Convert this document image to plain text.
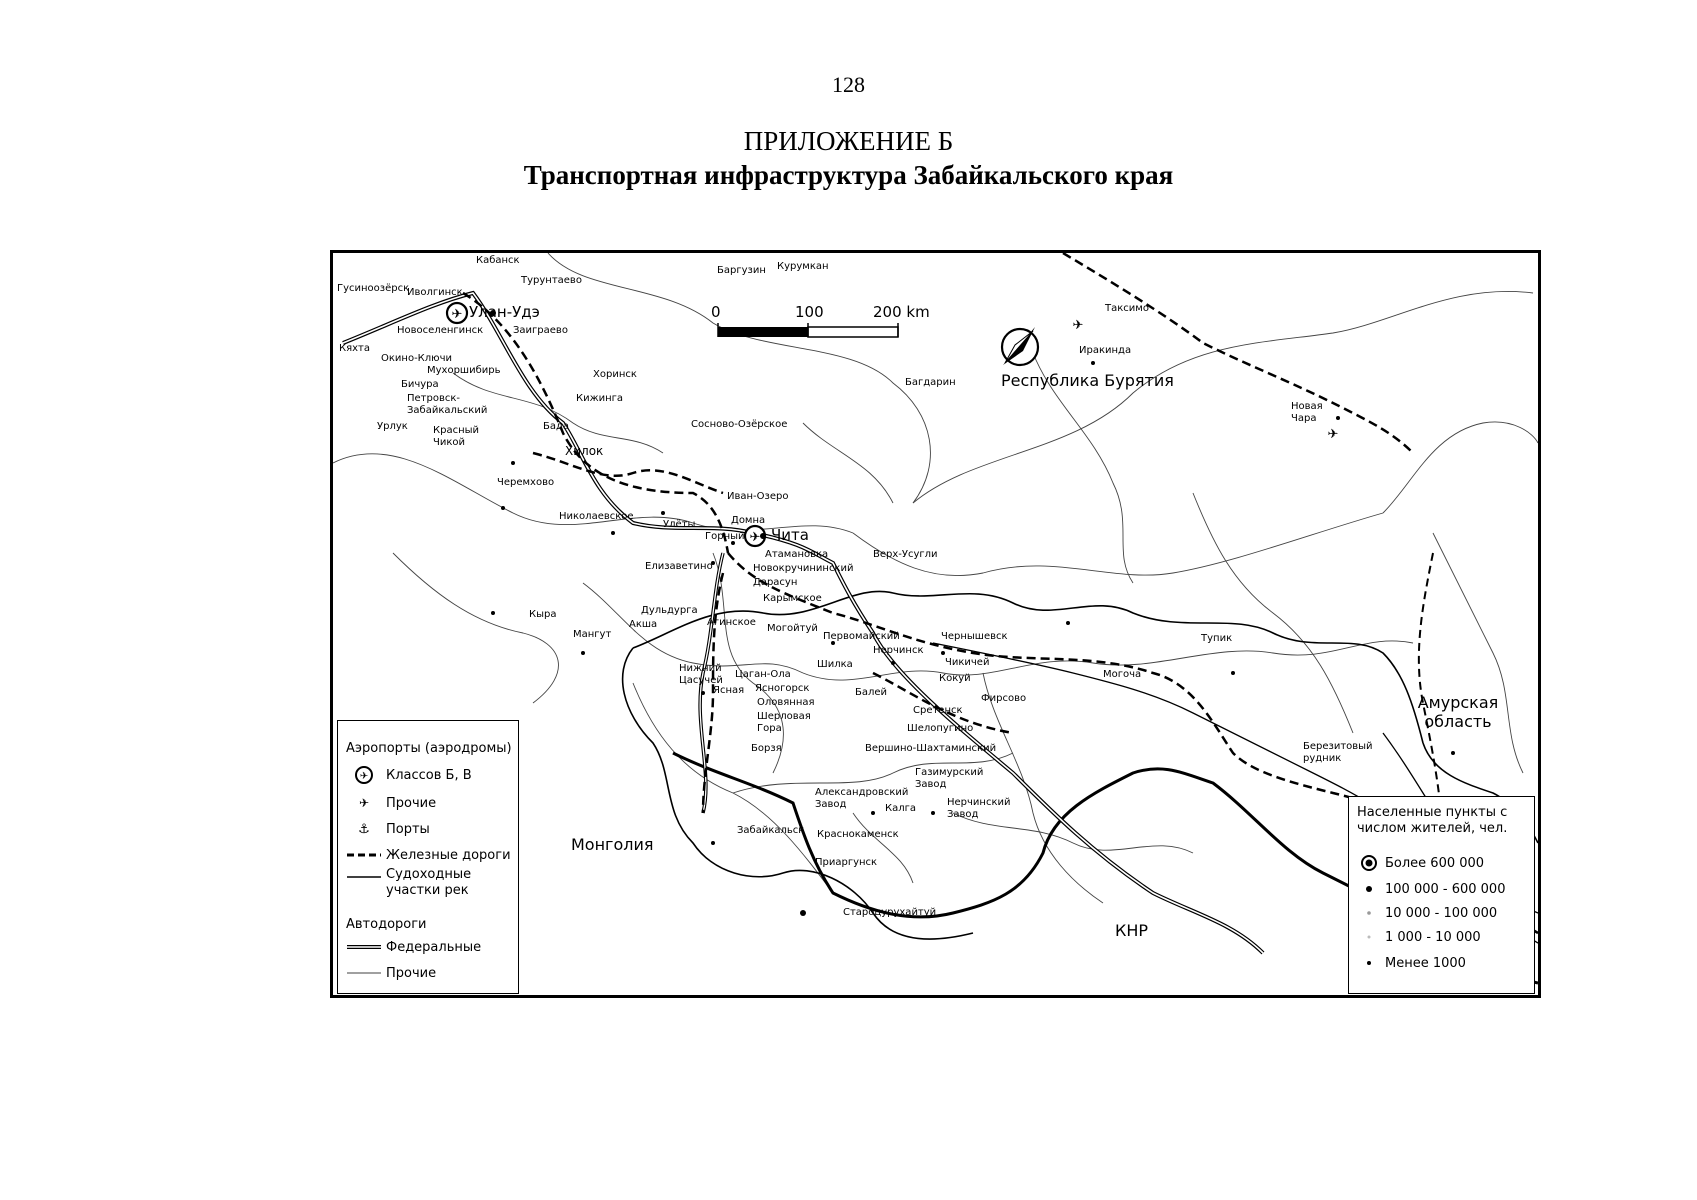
128
ПРИЛОЖЕНИЕ Б
Транспортная инфраструктура Забайкальского края
✈
✈
✈
✈
0	100	200 km
Республика Бурятия
Амурская область
Монголия
КНР
Улан-Удэ
Чита
Кабанск
Турунтаево
Баргузин Курумкан
Гусиноозёрск
Иволгинск
Новоселенгинск	Заиграево
Кяхта
Окино-Ключи
Мухоршибирь
Бичура
Петровск-Забайкальский
Хоринск
Кижинга
Сосново-Озёрское
Урлук	Красный Чикой
Бада
Хилок
Таксимо
Иракинда
Багдарин
Новая Чара
Черемхово
Иван-Озеро
Николаевское
Улёты	Домна
Горный
Атамановка
Новокручининский
Верх-Усугли
Елизаветино
Дарасун
Карымское
Кыра	Дульдурга
Акша
Мангут
Агинское
Могойтуй
Первомайский	Чернышевск	Тупик
Нижний Цасучей
Цаган-Ола
Шилка
Нерчинск
Чикичей
Кокуй	Могоча
Ясная Ясногорск
Оловянная
Балей
Сретенск
Фирсово
Шерловая Гора	Шелопугино
Борзя	Вершино-Шахтаминский
Газимурский Завод
Березитовый рудник
Александровский Завод	Калга
Нерчинский Завод
Забайкальск Краснокаменск
Приаргунск
Староцурухайтуй
Аэропорты (аэродромы)
✈ Классов Б, В
✈	Прочие
⚓	Порты
Железные дороги
Судоходные участки рек
Автодороги
Федеральные
Прочие
Населенные пункты с числом жителей, чел.
Более 600 000
100 000 - 600 000
10 000 - 100 000
1 000 - 10 000
Менее 1000
